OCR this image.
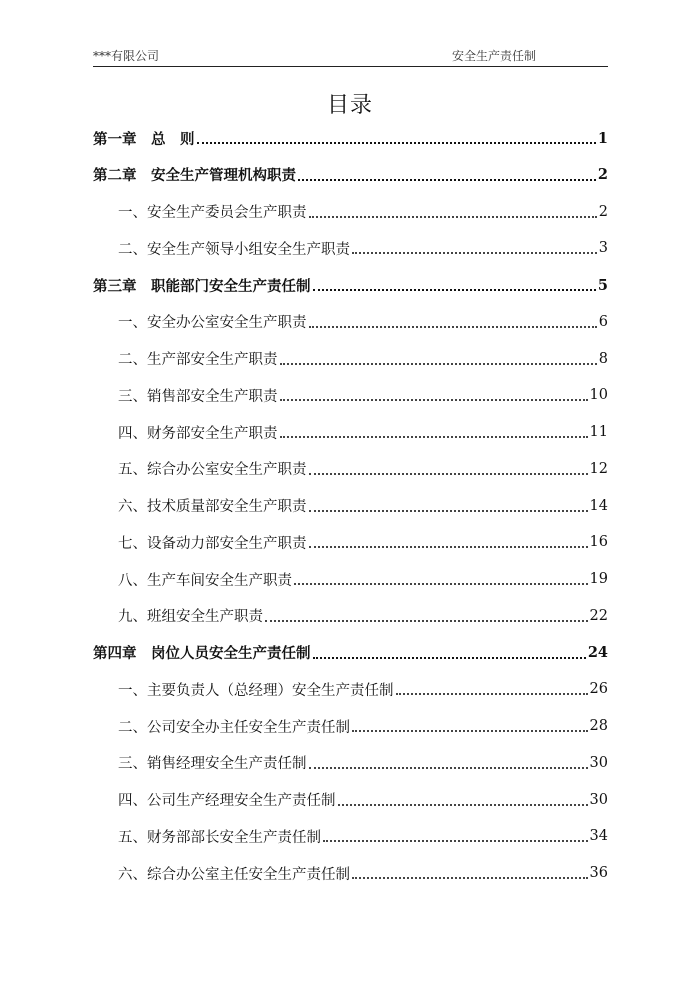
***有限公司	安全生产责任制
目录
第一章　总　则	1
第二章　安全生产管理机构职责	2
一、安全生产委员会生产职责	2
二、安全生产领导小组安全生产职责	3
第三章　职能部门安全生产责任制	5
一、安全办公室安全生产职责	6
二、生产部安全生产职责	8
三、销售部安全生产职责	10
四、财务部安全生产职责	11
五、综合办公室安全生产职责	12
六、技术质量部安全生产职责	14
七、设备动力部安全生产职责	16
八、生产车间安全生产职责	19
九、班组安全生产职责	22
第四章　岗位人员安全生产责任制	24
一、主要负责人（总经理）安全生产责任制	26
二、公司安全办主任安全生产责任制	28
三、销售经理安全生产责任制	30
四、公司生产经理安全生产责任制	30
五、财务部部长安全生产责任制	34
六、综合办公室主任安全生产责任制	36
